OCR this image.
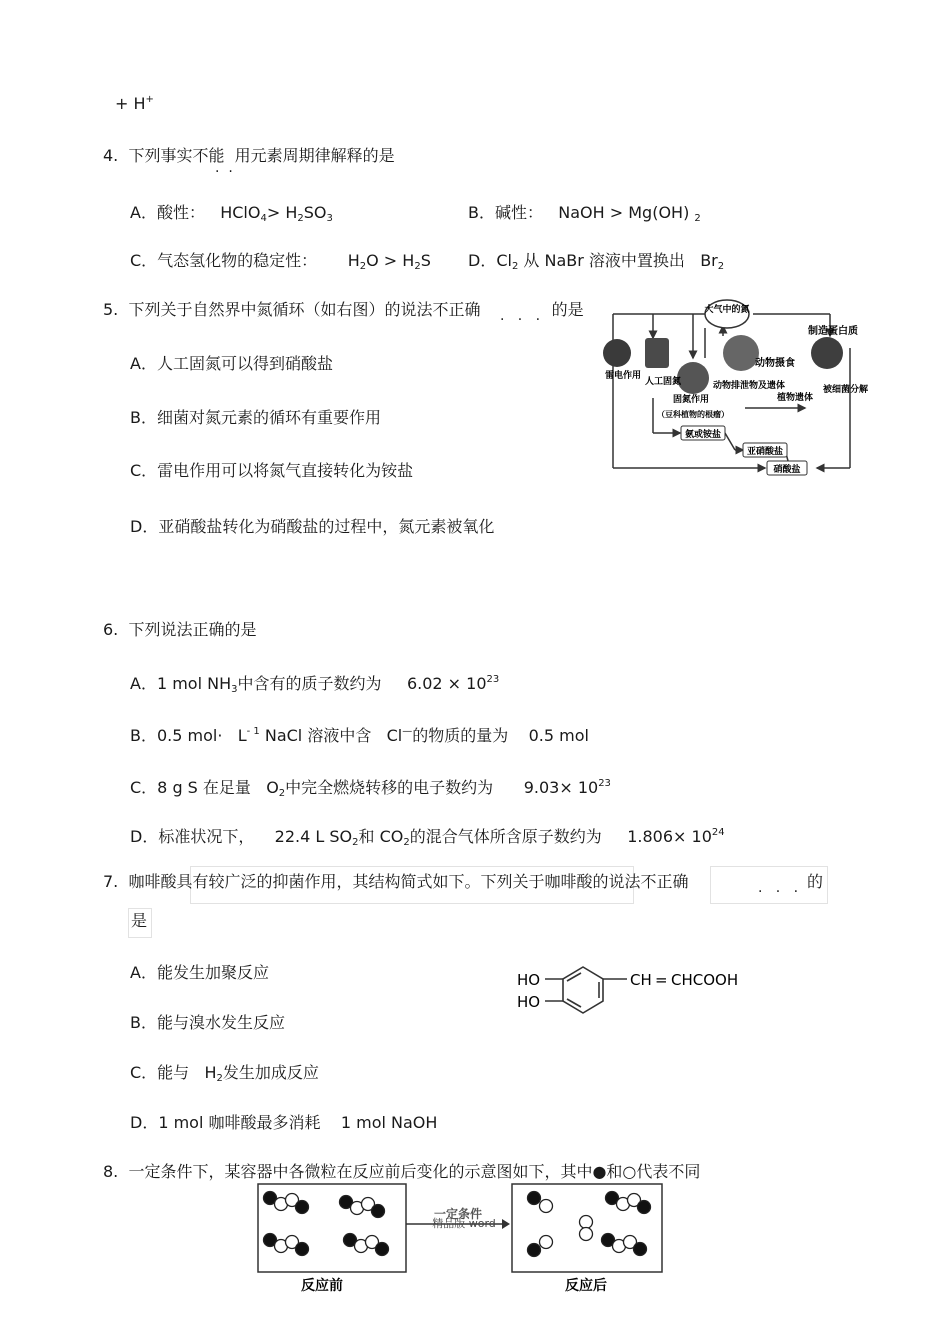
+ H+
4. 下列事实不能 用元素周期律解释的是
·  ·
A．酸性： HClO$_4$> $H_2SO_3$	B．碱性： NaOH > Mg(OH) $_2$
C．气态氢化物的稳定性： $H_2O > H_2S$ D．$Cl_2$ 从 NaBr 溶液中置换出 $Br_2$
5. 下列关于自然界中氮循环（如右图）的说法不正确	的是
·   ·   ·
A．人工固氮可以得到硝酸盐
B．细菌对氮元素的循环有重要作用
C．雷电作用可以将氮气直接转化为铵盐
D．亚硝酸盐转化为硝酸盐的过程中，氮元素被氧化
大气中的氮
制造蛋白质
动物摄食
雷电作用
人工固氮
固氮作用
（豆科植物的根瘤）
动物排泄物及遗体
植物遗体
被细菌分解
氨或铵盐
亚硝酸盐
硝酸盐
6. 下列说法正确的是
A．1 mol $NH_3$中含有的质子数约为 $6.02 \times 10^{23}$
B．0.5 $mol\cdot L^{- 1}$ NaCl 溶液中含 Cl—的物质的量为 0.5 mol
C．8 g S 在足量 $O_2$中完全燃烧转移的电子数约为 $9.03\times 10^{23}$
D．标准状况下， 22.4 L $SO_2$和 $CO_2$的混合气体所含原子数约为 $1.806\times 10^{24}$
7. 咖啡酸具有较广泛的抑菌作用，其结构简式如下。下列关于咖啡酸的说法不正确	的
·   ·   ·
是
A．能发生加聚反应
B．能与溴水发生反应
C．能与 $H_2$发生加成反应
D．1 mol 咖啡酸最多消耗 1 mol NaOH
HO
HO
CH = CHCOOH
8. 一定条件下，某容器中各微粒在反应前后变化的示意图如下，其中●和○代表不同
一定条件
精品版 word
反应前	反应后
